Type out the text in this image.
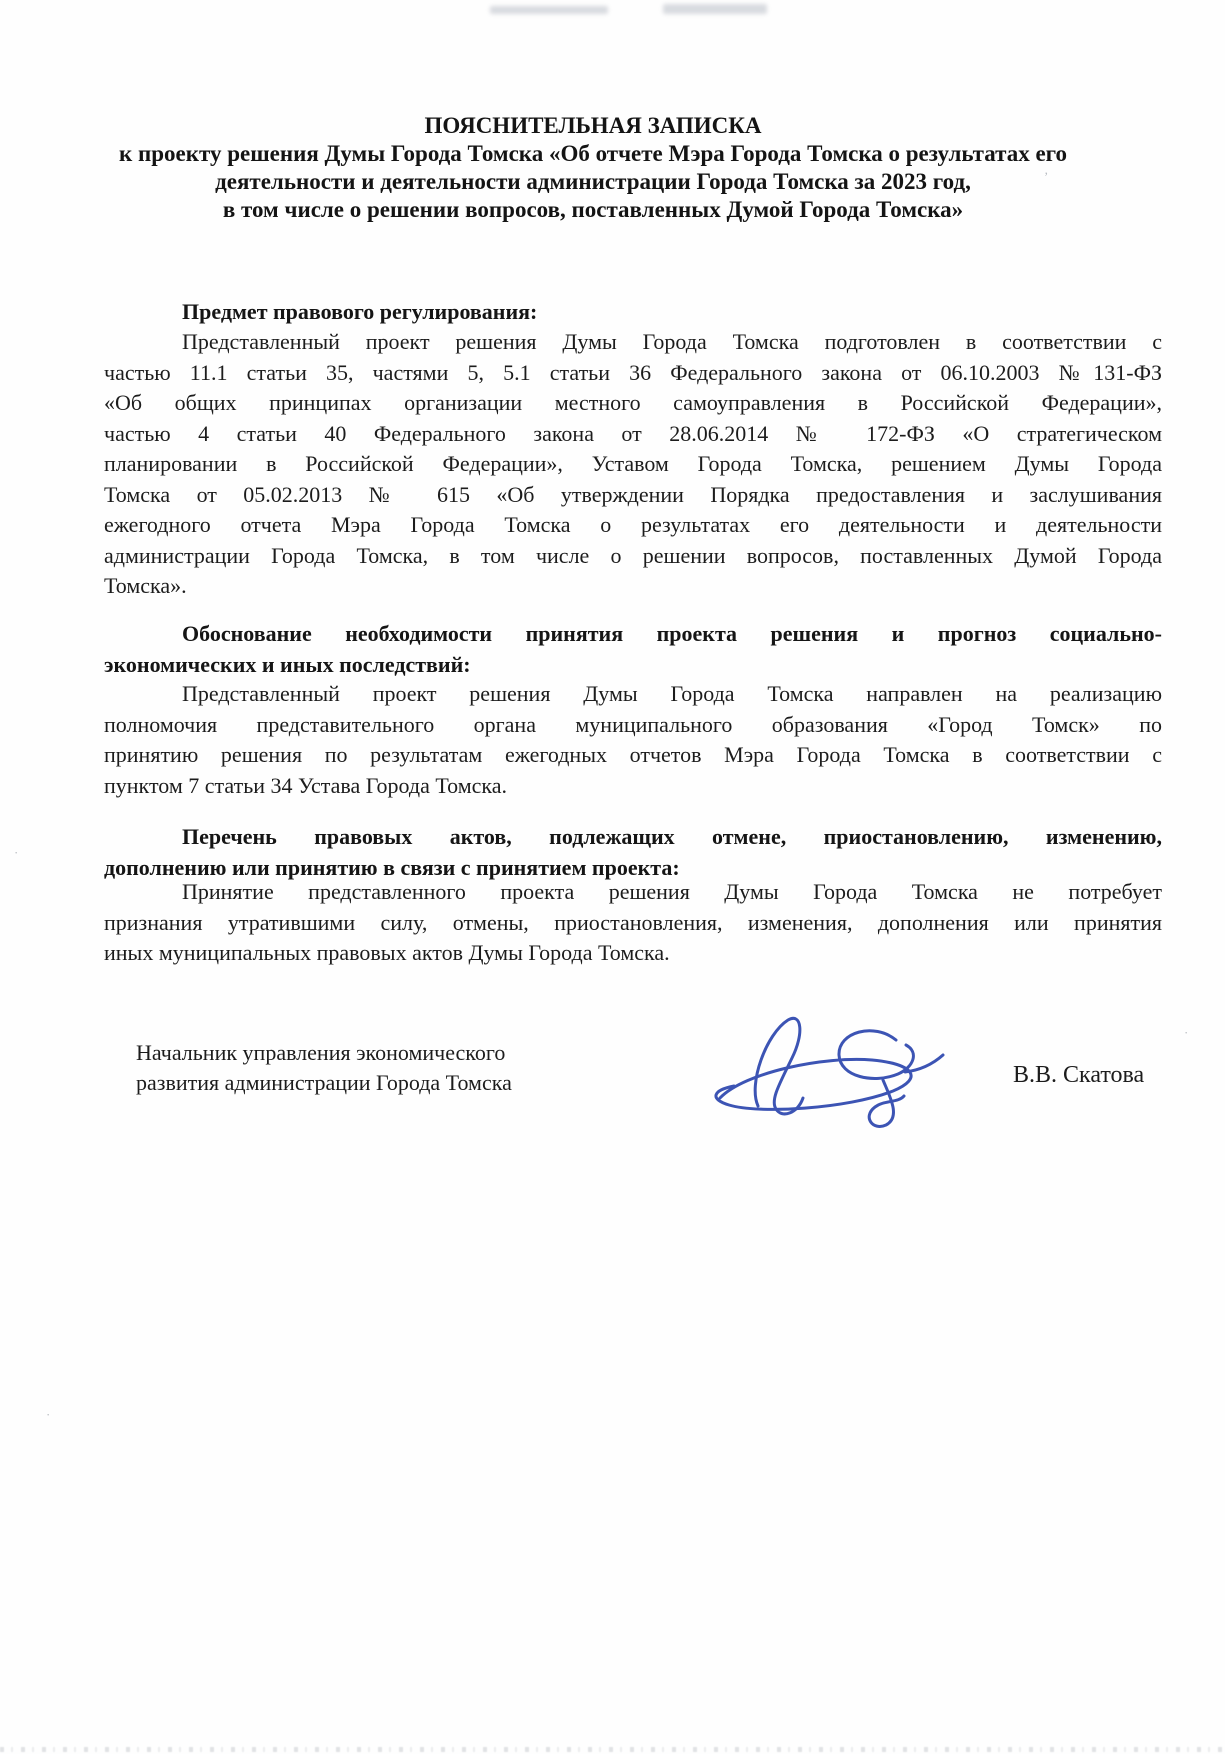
’
·
·
·
ПОЯСНИТЕЛЬНАЯ ЗАПИСКА
к проекту решения Думы Города Томска «Об отчете Мэра Города Томска о результатах его
деятельности и деятельности администрации Города Томска за 2023 год,
в том числе о решении вопросов, поставленных Думой Города Томска»
Предмет правового регулирования:
Представленный проект решения Думы Города Томска подготовлен в соответствии с
частью 11.1 статьи 35, частями 5, 5.1 статьи 36 Федерального закона от 06.10.2003 №131-ФЗ
«Об общих принципах организации местного самоуправления в Российской Федерации»,
частью 4 статьи 40 Федерального закона от 28.06.2014 № 172-ФЗ «О стратегическом
планировании в Российской Федерации», Уставом Города Томска, решением Думы Города
Томска от 05.02.2013 № 615 «Об утверждении Порядка предоставления и заслушивания
ежегодного отчета Мэра Города Томска о результатах его деятельности и деятельности
администрации Города Томска, в том числе о решении вопросов, поставленных Думой Города
Томска».
Обоснование необходимости принятия проекта решения и прогноз социально-
экономических и иных последствий:
Представленный проект решения Думы Города Томска направлен на реализацию
полномочия представительного органа муниципального образования «Город Томск» по
принятию решения по результатам ежегодных отчетов Мэра Города Томска в соответствии с
пунктом 7 статьи 34 Устава Города Томска.
Перечень правовых актов, подлежащих отмене, приостановлению, изменению,
дополнению или принятию в связи с принятием проекта:
Принятие представленного проекта решения Думы Города Томска не потребует
признания утратившими силу, отмены, приостановления, изменения, дополнения или принятия
иных муниципальных правовых актов Думы Города Томска.
Начальник управления экономического
развития администрации Города Томска	В.В. Скатова
